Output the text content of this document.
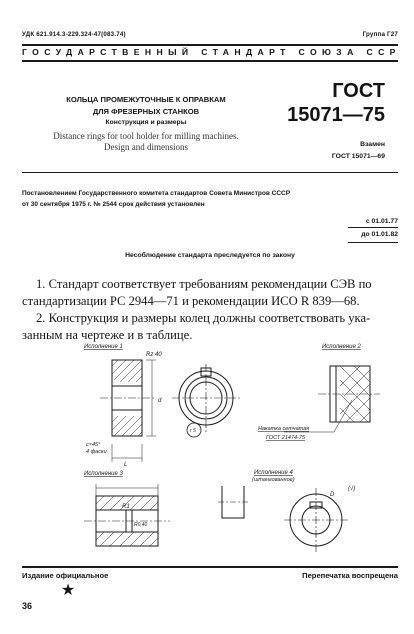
УДК 621.914.3-229.324-47(083.74)	Группа Г27
ГОСУДАРСТВЕННЫЙ СТАНДАРТ СОЮЗА ССР
КОЛЬЦА ПРОМЕЖУТОЧНЫЕ К ОПРАВКАМ
ДЛЯ ФРЕЗЕРНЫХ СТАНКОВ
Конструкция и размеры
Distance rings for tool holder for milling machines.
Design and dimensions
ГОСТ
15071—75
Взамен
ГОСТ 15071—69
Постановлением Государственного комитета стандартов Совета Министров СССР
от 30 сентября 1975 г. № 2544 срок действия установлен
с 01.01.77
до 01.01.82
Несоблюдение стандарта преследуется по закону
1. Стандарт соответствует требованиям рекомендации СЭВ по
стандартизации РС 2944—71 и рекомендации ИСО R 839—68.
2. Конструкция и размеры колец должны соответствовать ука-
занным на чертеже и в таблице.
Исполнение 1	Исполнение 2
Исполнение 3	Исполнение 4
(штангованное)
Накатка сетчатая
ГОСТ 21474-75
c×45°
4 фаски
L
d
Rz 40
r 5
R1
R0,40
D
(√)
Издание официальное	Перепечатка воспрещена
★
36
